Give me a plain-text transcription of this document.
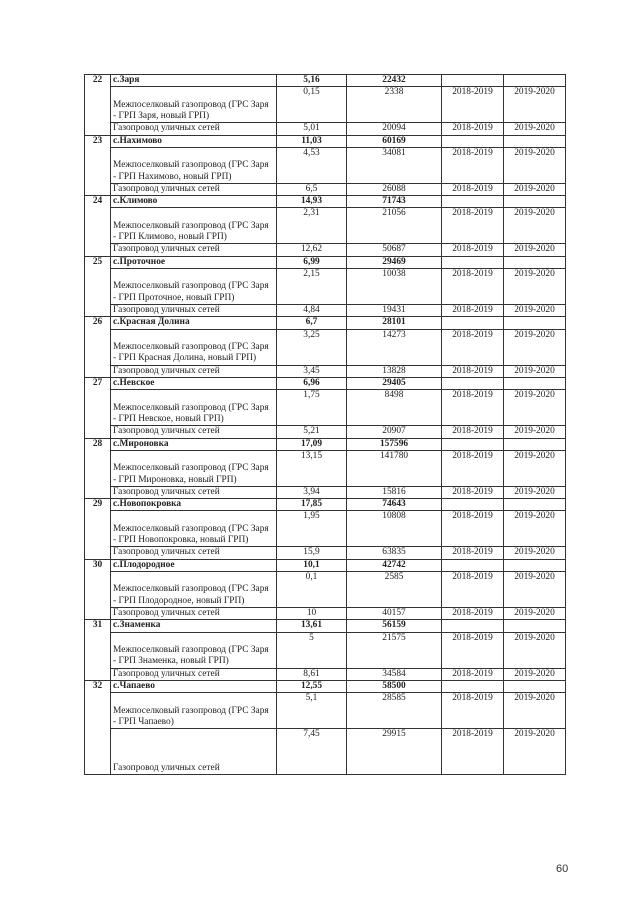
22	с.Заря	5,16	22432		
	Межпоселковый газопровод (ГРС Заря - ГРП Заря, новый ГРП)	0,15	2338	2018-2019	2019-2020
	Газопровод уличных сетей	5,01	20094	2018-2019	2019-2020
23	с.Нахимово	11,03	60169		
	Межпоселковый газопровод (ГРС Заря - ГРП Нахимово, новый ГРП)	4,53	34081	2018-2019	2019-2020
	Газопровод уличных сетей	6,5	26088	2018-2019	2019-2020
24	с.Климово	14,93	71743		
	Межпоселковый газопровод (ГРС Заря - ГРП Климово, новый ГРП)	2,31	21056	2018-2019	2019-2020
	Газопровод уличных сетей	12,62	50687	2018-2019	2019-2020
25	с.Проточное	6,99	29469		
	Межпоселковый газопровод (ГРС Заря - ГРП Проточное, новый ГРП)	2,15	10038	2018-2019	2019-2020
	Газопровод уличных сетей	4,84	19431	2018-2019	2019-2020
26	с.Красная Долина	6,7	28101		
	Межпоселковый газопровод (ГРС Заря - ГРП Красная Долина, новый ГРП)	3,25	14273	2018-2019	2019-2020
	Газопровод уличных сетей	3,45	13828	2018-2019	2019-2020
27	с.Невское	6,96	29405		
	Межпоселковый газопровод (ГРС Заря - ГРП Невское, новый ГРП)	1,75	8498	2018-2019	2019-2020
	Газопровод уличных сетей	5,21	20907	2018-2019	2019-2020
28	с.Мироновка	17,09	157596		
	Межпоселковый газопровод (ГРС Заря - ГРП Мироновка, новый ГРП)	13,15	141780	2018-2019	2019-2020
	Газопровод уличных сетей	3,94	15816	2018-2019	2019-2020
29	с.Новопокровка	17,85	74643		
	Межпоселковый газопровод (ГРС Заря - ГРП Новопокровка, новый ГРП)	1,95	10808	2018-2019	2019-2020
	Газопровод уличных сетей	15,9	63835	2018-2019	2019-2020
30	с.Плодородное	10,1	42742		
	Межпоселковый газопровод (ГРС Заря - ГРП Плодородное, новый ГРП)	0,1	2585	2018-2019	2019-2020
	Газопровод уличных сетей	10	40157	2018-2019	2019-2020
31	с.Знаменка	13,61	56159		
	Межпоселковый газопровод (ГРС Заря - ГРП Знаменка, новый ГРП)	5	21575	2018-2019	2019-2020
	Газопровод уличных сетей	8,61	34584	2018-2019	2019-2020
32	с.Чапаево	12,55	58500		
	Межпоселковый газопровод (ГРС Заря - ГРП Чапаево)	5,1	28585	2018-2019	2019-2020
	Газопровод уличных сетей	7,45	29915	2018-2019	2019-2020
60
